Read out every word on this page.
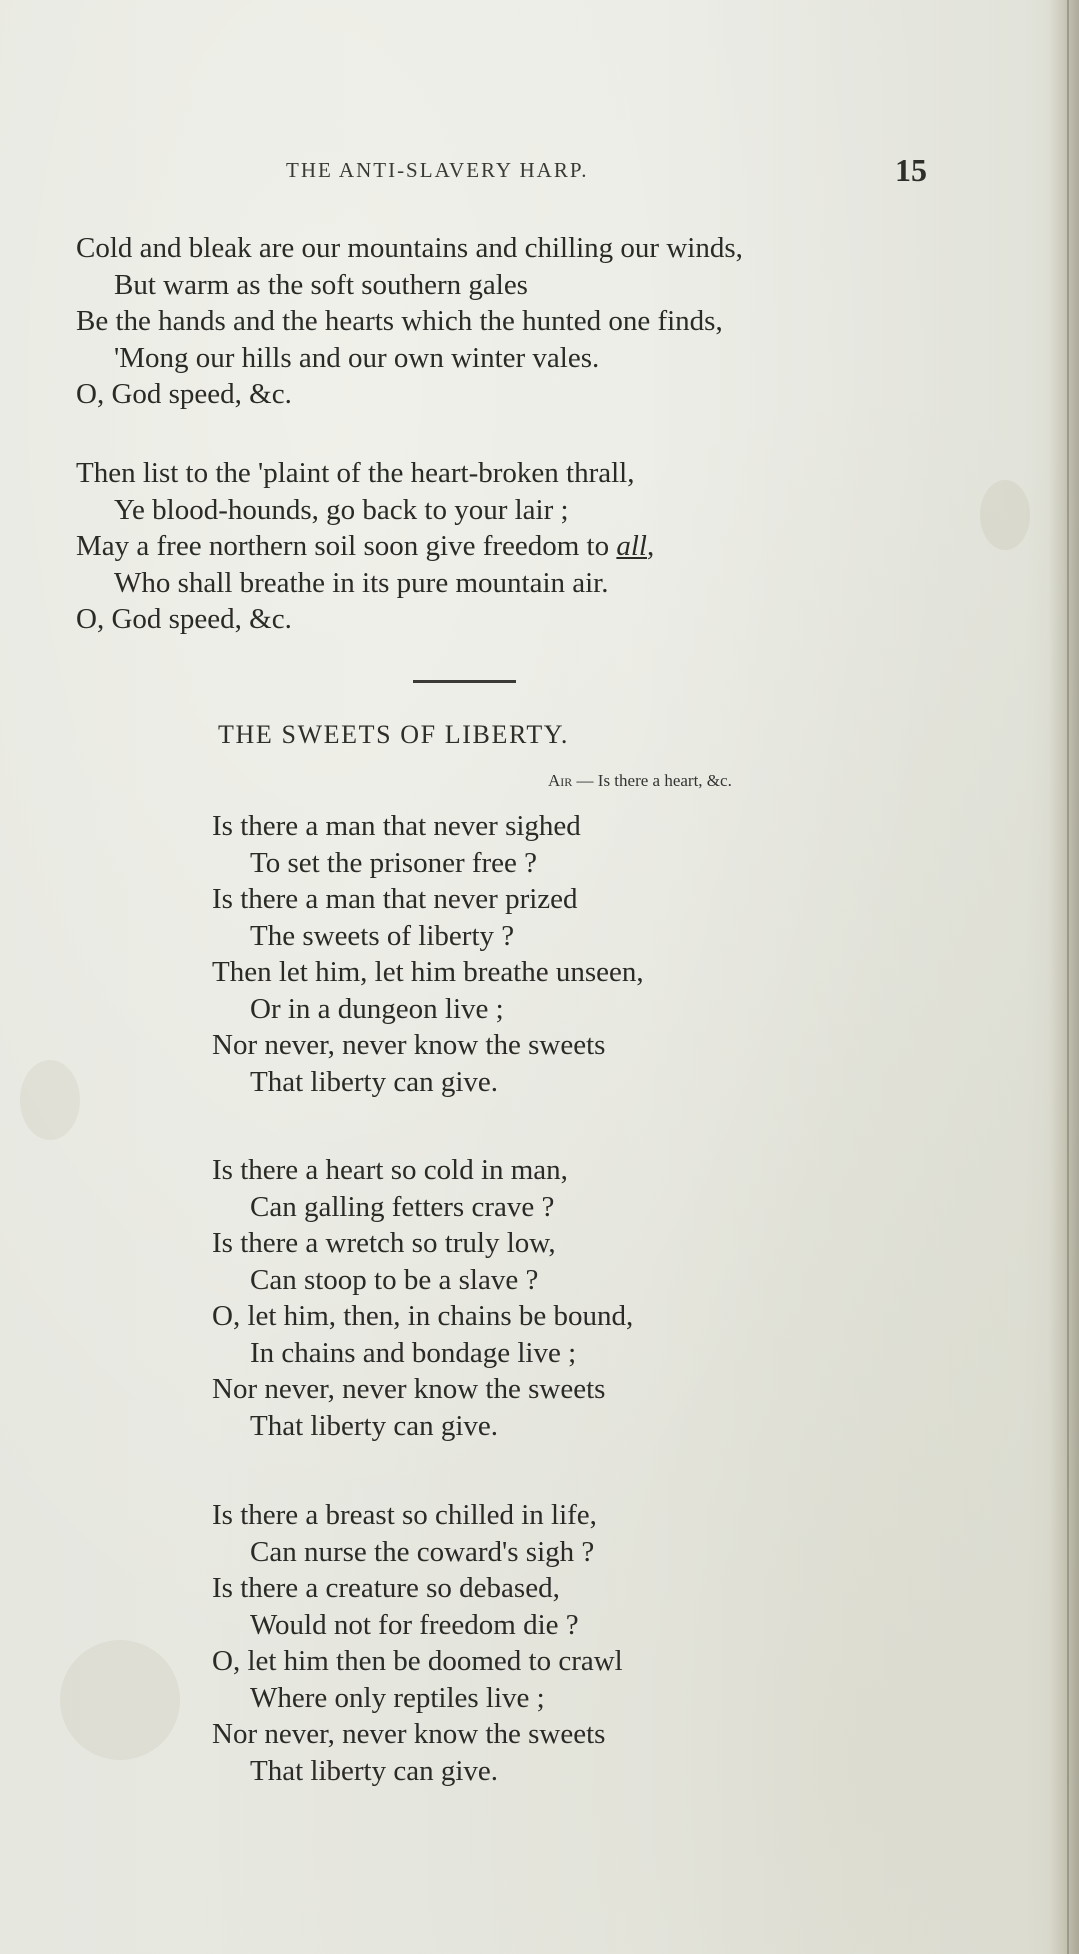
THE ANTI-SLAVERY HARP.	15
Cold and bleak are our mountains and chilling our winds,
But warm as the soft southern gales
Be the hands and the hearts which the hunted one finds,
'Mong our hills and our own winter vales.
O, God speed, &c.
Then list to the 'plaint of the heart-broken thrall,
Ye blood-hounds, go back to your lair ;
May a free northern soil soon give freedom to all,
Who shall breathe in its pure mountain air.
O, God speed, &c.
THE SWEETS OF LIBERTY.
Air — Is there a heart, &c.
Is there a man that never sighed
To set the prisoner free ?
Is there a man that never prized
The sweets of liberty ?
Then let him, let him breathe unseen,
Or in a dungeon live ;
Nor never, never know the sweets
That liberty can give.
Is there a heart so cold in man,
Can galling fetters crave ?
Is there a wretch so truly low,
Can stoop to be a slave ?
O, let him, then, in chains be bound,
In chains and bondage live ;
Nor never, never know the sweets
That liberty can give.
Is there a breast so chilled in life,
Can nurse the coward's sigh ?
Is there a creature so debased,
Would not for freedom die ?
O, let him then be doomed to crawl
Where only reptiles live ;
Nor never, never know the sweets
That liberty can give.
